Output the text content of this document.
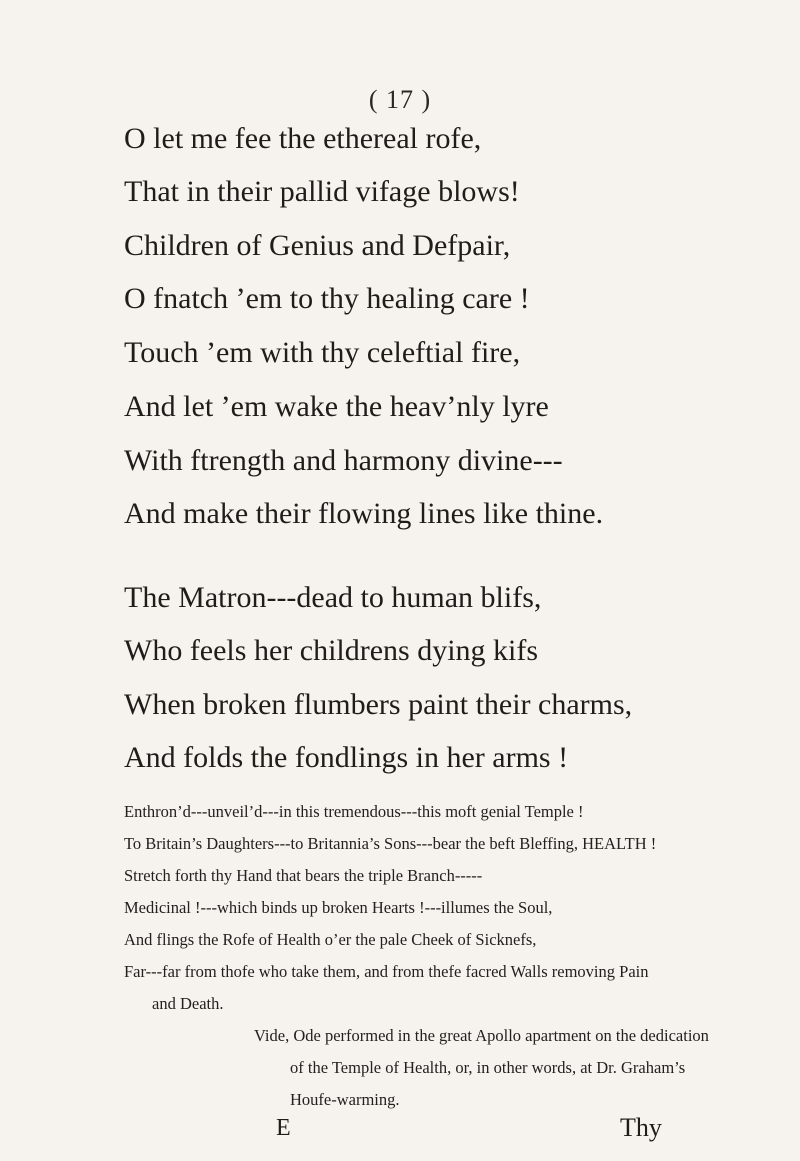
( 17 )
O let me fee the ethereal rofe,
That in their pallid vifage blows!
Children of Genius and Defpair,
O fnatch ’em to thy healing care !
Touch ’em with thy celeftial fire,
And let ’em wake the heav’nly lyre
With ftrength and harmony divine---
And make their flowing lines like thine.
The Matron---dead to human blifs,
Who feels her childrens dying kifs
When broken flumbers paint their charms,
And folds the fondlings in her arms !
Enthron’d---unveil’d---in this tremendous---this moft genial Temple !
To Britain’s Daughters---to Britannia’s Sons---bear the beft Bleffing, HEALTH !
Stretch forth thy Hand that bears the triple Branch-----
Medicinal !---which binds up broken Hearts !---illumes the Soul,
And flings the Rofe of Health o’er the pale Cheek of Sicknefs,
Far---far from thofe who take them, and from thefe facred Walls removing Pain
and Death.
Vide, Ode performed in the great Apollo apartment on the dedication
of the Temple of Health, or, in other words, at Dr. Graham’s
Houfe-warming.
E	Thy
